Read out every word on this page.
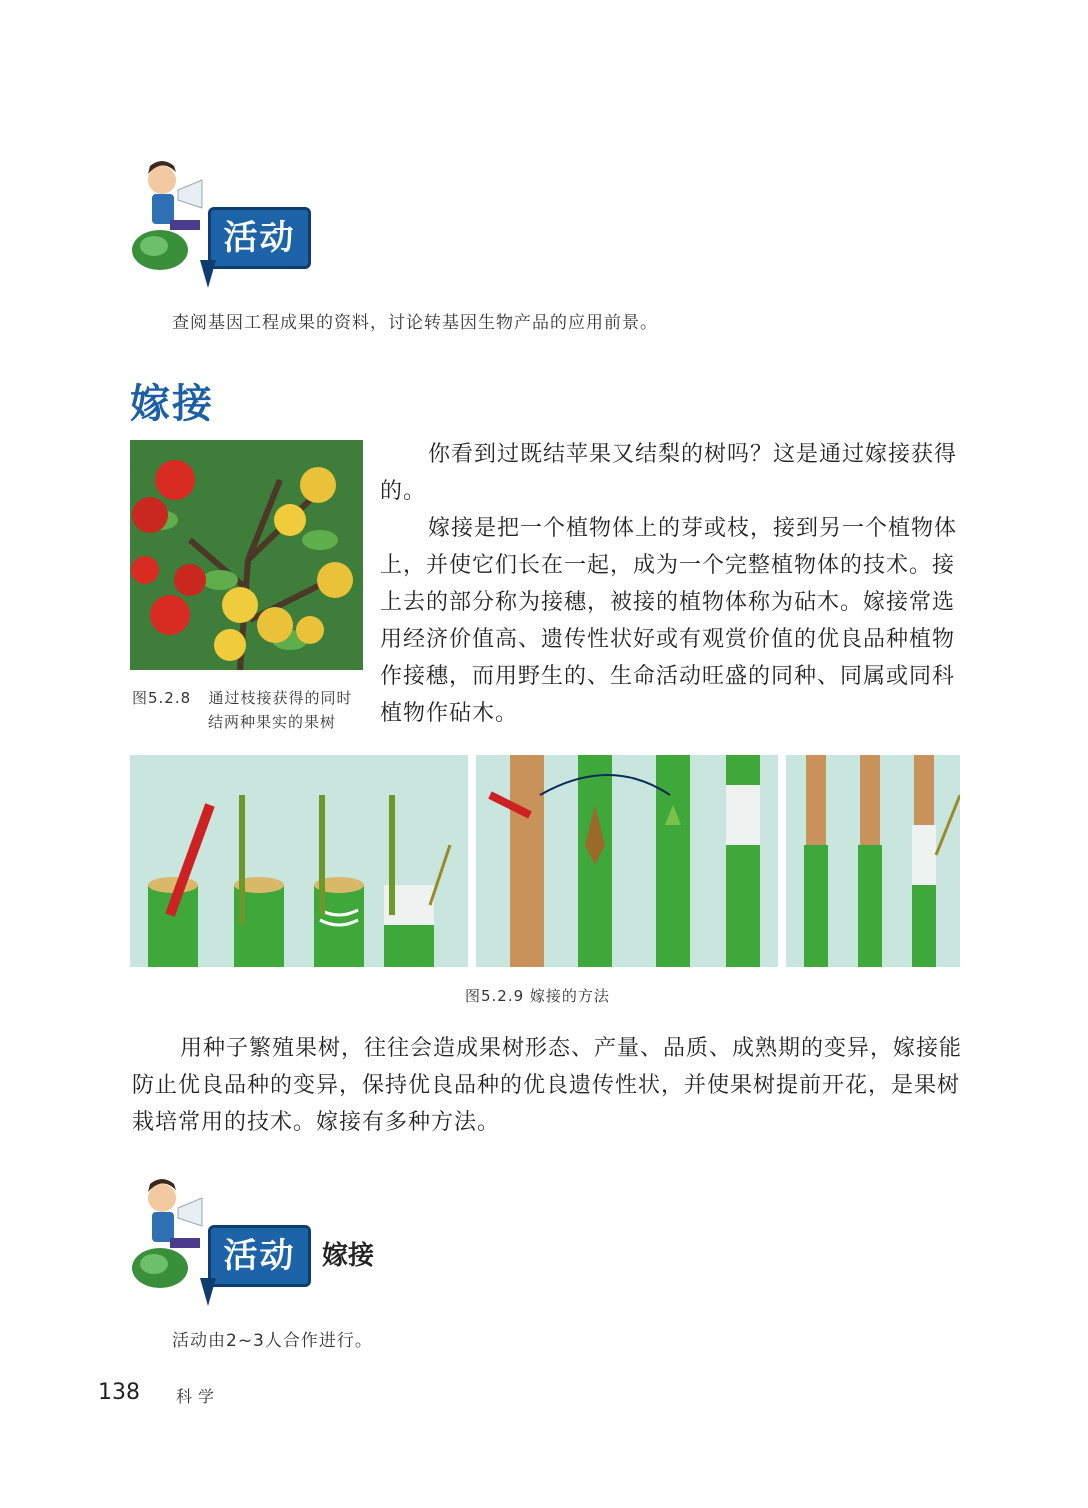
活动
查阅基因工程成果的资料，讨论转基因生物产品的应用前景。
嫁接
图5.2.8 通过枝接获得的同时
结两种果实的果树

你看到过既结苹果又结梨的树吗？这是通过嫁接获得的。

嫁接是把一个植物体上的芽或枝，接到另一个植物体上，并使它们长在一起，成为一个完整植物体的技术。接上去的部分称为接穗，被接的植物体称为砧木。嫁接常选用经济价值高、遗传性状好或有观赏价值的优良品种植物作接穗，而用野生的、生命活动旺盛的同种、同属或同科植物作砧木。

图5.2.9 嫁接的方法

用种子繁殖果树，往往会造成果树形态、产量、品质、成熟期的变异，嫁接能防止优良品种的变异，保持优良品种的优良遗传性状，并使果树提前开花，是果树栽培常用的技术。嫁接有多种方法。

活动	嫁接
活动由2~3人合作进行。
138 科学
